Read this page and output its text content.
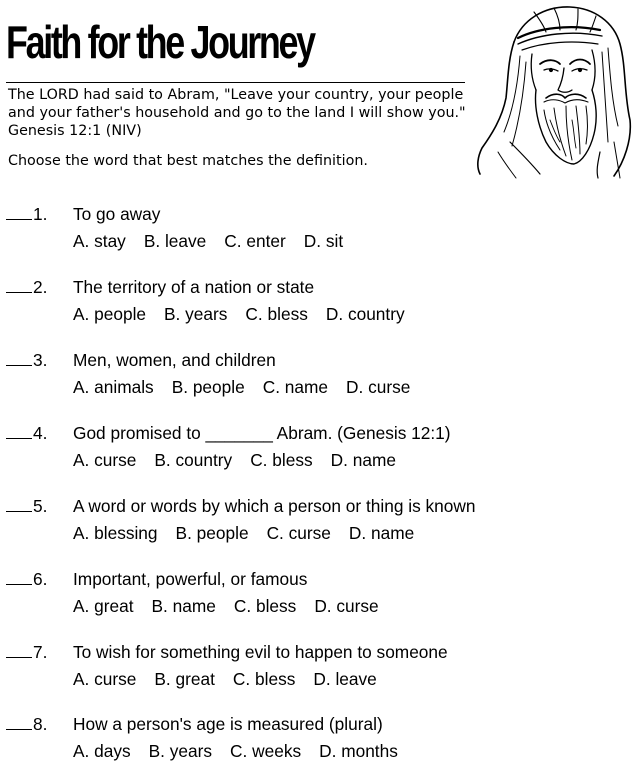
Faith for the Journey

The LORD had said to Abram, "Leave your country, your people and your father's household and go to the land I will show you." Genesis 12:1 (NIV)

Choose the word that best matches the definition.

1. To go away
A. stay B. leave C. enter D. sit
2. The territory of a nation or state
A. people B. years C. bless D. country
3. Men, women, and children
A. animals B. people C. name D. curse
4. God promised to _______ Abram. (Genesis 12:1)
A. curse B. country C. bless D. name
5. A word or words by which a person or thing is known
A. blessing B. people C. curse D. name
6. Important, powerful, or famous
A. great B. name C. bless D. curse
7. To wish for something evil to happen to someone
A. curse B. great C. bless D. leave
8. How a person's age is measured (plural)
A. days B. years C. weeks D. months
